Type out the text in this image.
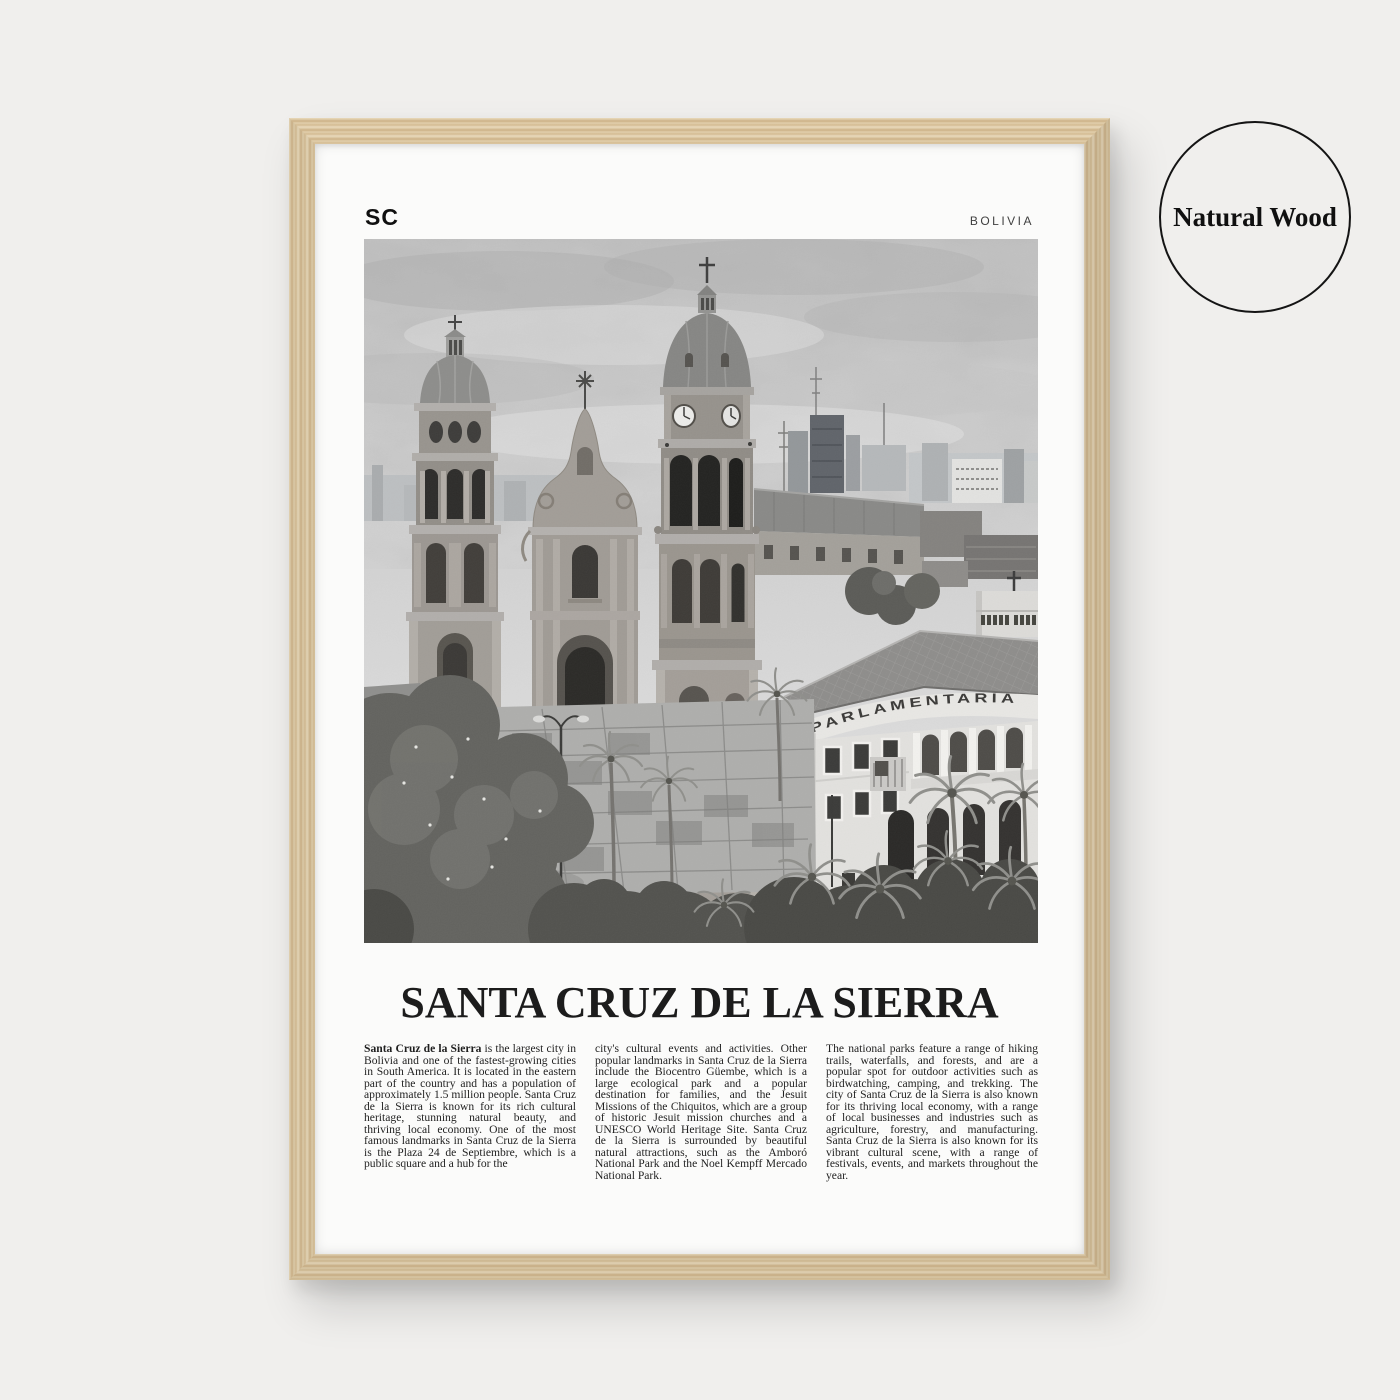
SC	BOLIVIA
PARLAMENTARIA
SANTA CRUZ DE LA SIERRA
Santa Cruz de la Sierra is the largest city in Bolivia and one of the fastest-growing cities in South America. It is located in the eastern part of the country and has a population of approximately 1.5 million people. Santa Cruz de la Sierra is known for its rich cultural heritage, stunning natural beauty, and thriving local economy. One of the most famous landmarks in Santa Cruz de la Sierra is the Plaza 24 de Septiembre, which is a public square and a hub for the
city's cultural events and activities. Other popular landmarks in Santa Cruz de la Sierra include the Biocentro Güembe, which is a large ecological park and a popular destination for families, and the Jesuit Missions of the Chiquitos, which are a group of historic Jesuit mission churches and a UNESCO World Heritage Site. Santa Cruz de la Sierra is surrounded by beautiful natural attractions, such as the Amboró National Park and the Noel Kempff Mercado National Park.
The national parks feature a range of hiking trails, waterfalls, and forests, and are a popular spot for outdoor activities such as birdwatching, camping, and trekking. The city of Santa Cruz de la Sierra is also known for its thriving local economy, with a range of local businesses and industries such as agriculture, forestry, and manufacturing. Santa Cruz de la Sierra is also known for its vibrant cultural scene, with a range of festivals, events, and markets throughout the year.
Natural Wood
